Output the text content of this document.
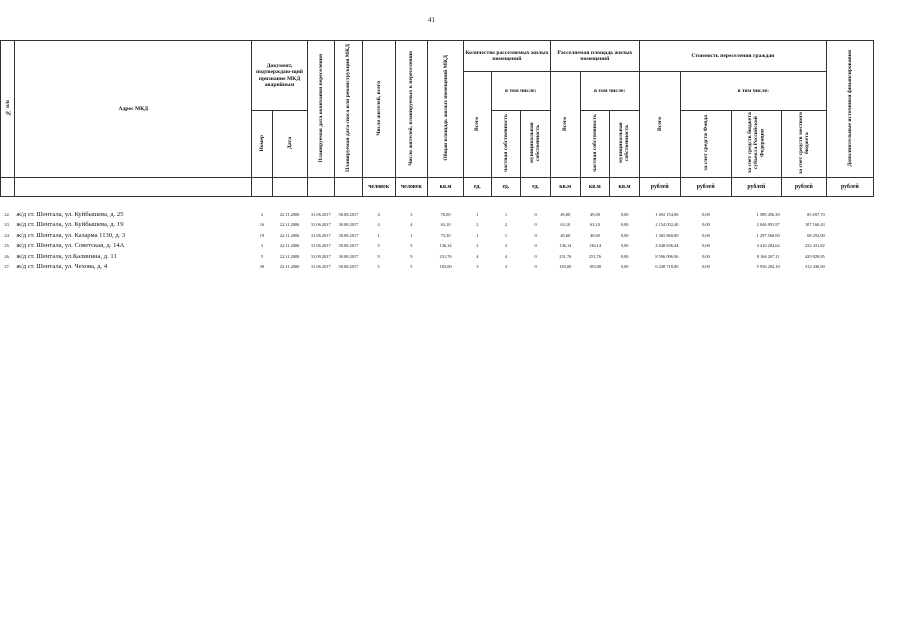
41
№ п/п	Адрес МКД	Документ, подтверждаю-щий признание МКД аварийным		Планируемая дата окончания переселения	Планируемая дата сноса или реконструкции МКД	Число жителей, всего	Число жителей, планируемых к переселению	Общая площадь жилых помещений МКД	Количество расселяемых жилых помещений			Расселяемая площадь жилых помещений			Стоимость переселения граждан				Дополнительные источники финансирования
									Всего	в том числе:		Всего	в том числе:		Всего	в том числе:			
		Номер	Дата							частная собственность	муниципальная собственность		частная собственность	муниципальная собственность		за счет средств Фонда	за счет средств бюджета субъекта Российской Федерации	за счет средств местного бюджета	
						человек	человек	кв.м	ед.	ед.	ед.	кв.м	кв.м	кв.м	рублей	рублей	рублей	рублей	рублей
22.	ж/д ст. Шентала, ул. Куйбышева, д. 25	2	22.11.2006	31.06.2017	30.08.2017	4	3	70,00	1	1	0	49,00	49,00	0,00	1 692 154,00	0,00	1 589 456,30	85 697,70	
23.	ж/д ст. Шентала, ул. Куйбышева, д. 19	16	22.11.2006	31.06.2017	30.08.2017	4	4	63,10	2	2	0	63,10	63,10	0,00	2 154 052,40	0,00	2 046 891,97	107 160,43	
24.	ж/д ст. Шентала, ул. Казарма 1130, д. 3	19	22.11.2006	31.06.2017	30.08.2017	1	1	75,30	1	1	0	40,60	40,60	0,00	1 365 860,00	0,00	1 297 568,00	68 292,00	
25.	ж/д ст. Шентала, ул. Советская, д. 14А	3	22.11.2006	31.06.2017	30.08.2017	5	5	136,14	2	2	0	136,14	136,14	0,00	4 648 636,44	0,00	4 416 204,62	232 431,82	
26.	ж/д ст. Шентала, ул.Калинина, д. 11	5	22.11.2008	31.09.2017	30.08.2017	9	9	251,76	4	4	0	251,76	251,76	0,00	8 596 096,96	0,00	8 166 267,11	429 829,85	
27.	ж/д ст. Шентала, ул. Чехова, д. 4	39	22.11.2006	31.06.2017	30.08.2017	5	5	183,00	3	3	0	183,00	183,00	0,00	6 248 718,00	0,00	5 936 282,10	312 436,90	
